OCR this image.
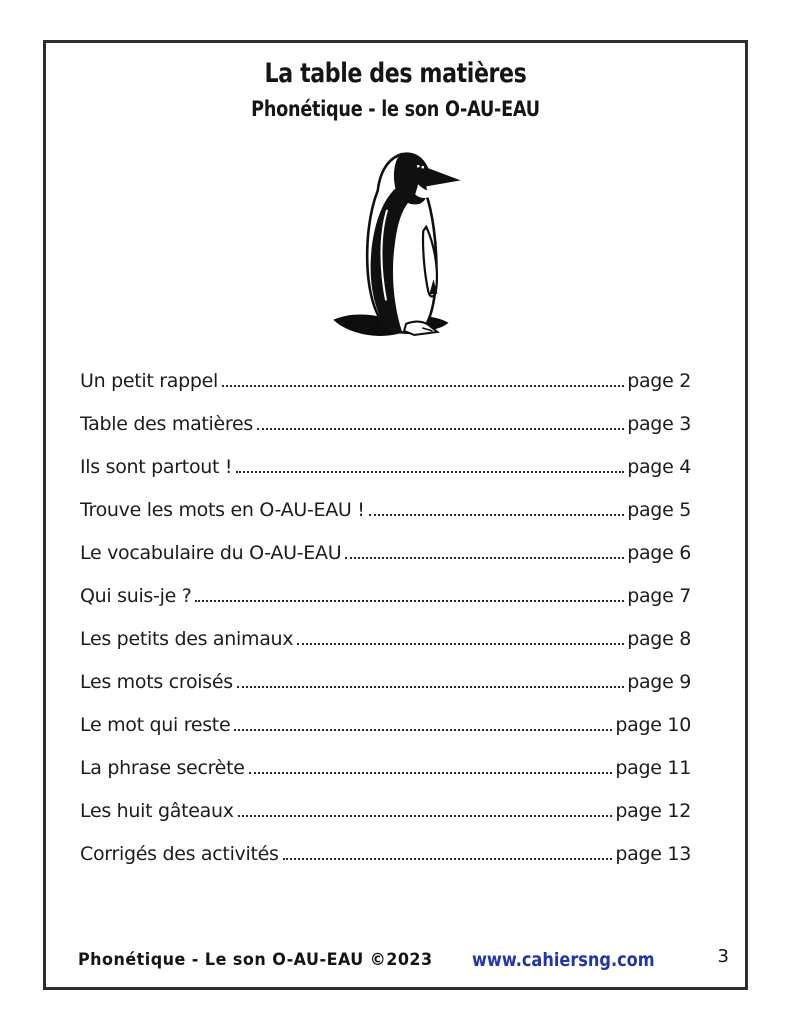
La table des matières
Phonétique - le son O-AU-EAU
Un petit rappel	page 2
Table des matières	page 3
Ils sont partout !	page 4
Trouve les mots en O-AU-EAU !	page 5
Le vocabulaire du O-AU-EAU	page 6
Qui suis-je ?	page 7
Les petits des animaux	page 8
Les mots croisés	page 9
Le mot qui reste	page 10
La phrase secrète	page 11
Les huit gâteaux	page 12
Corrigés des activités	page 13
Phonétique - Le son O-AU-EAU ©2023 www.cahiersng.com	3
